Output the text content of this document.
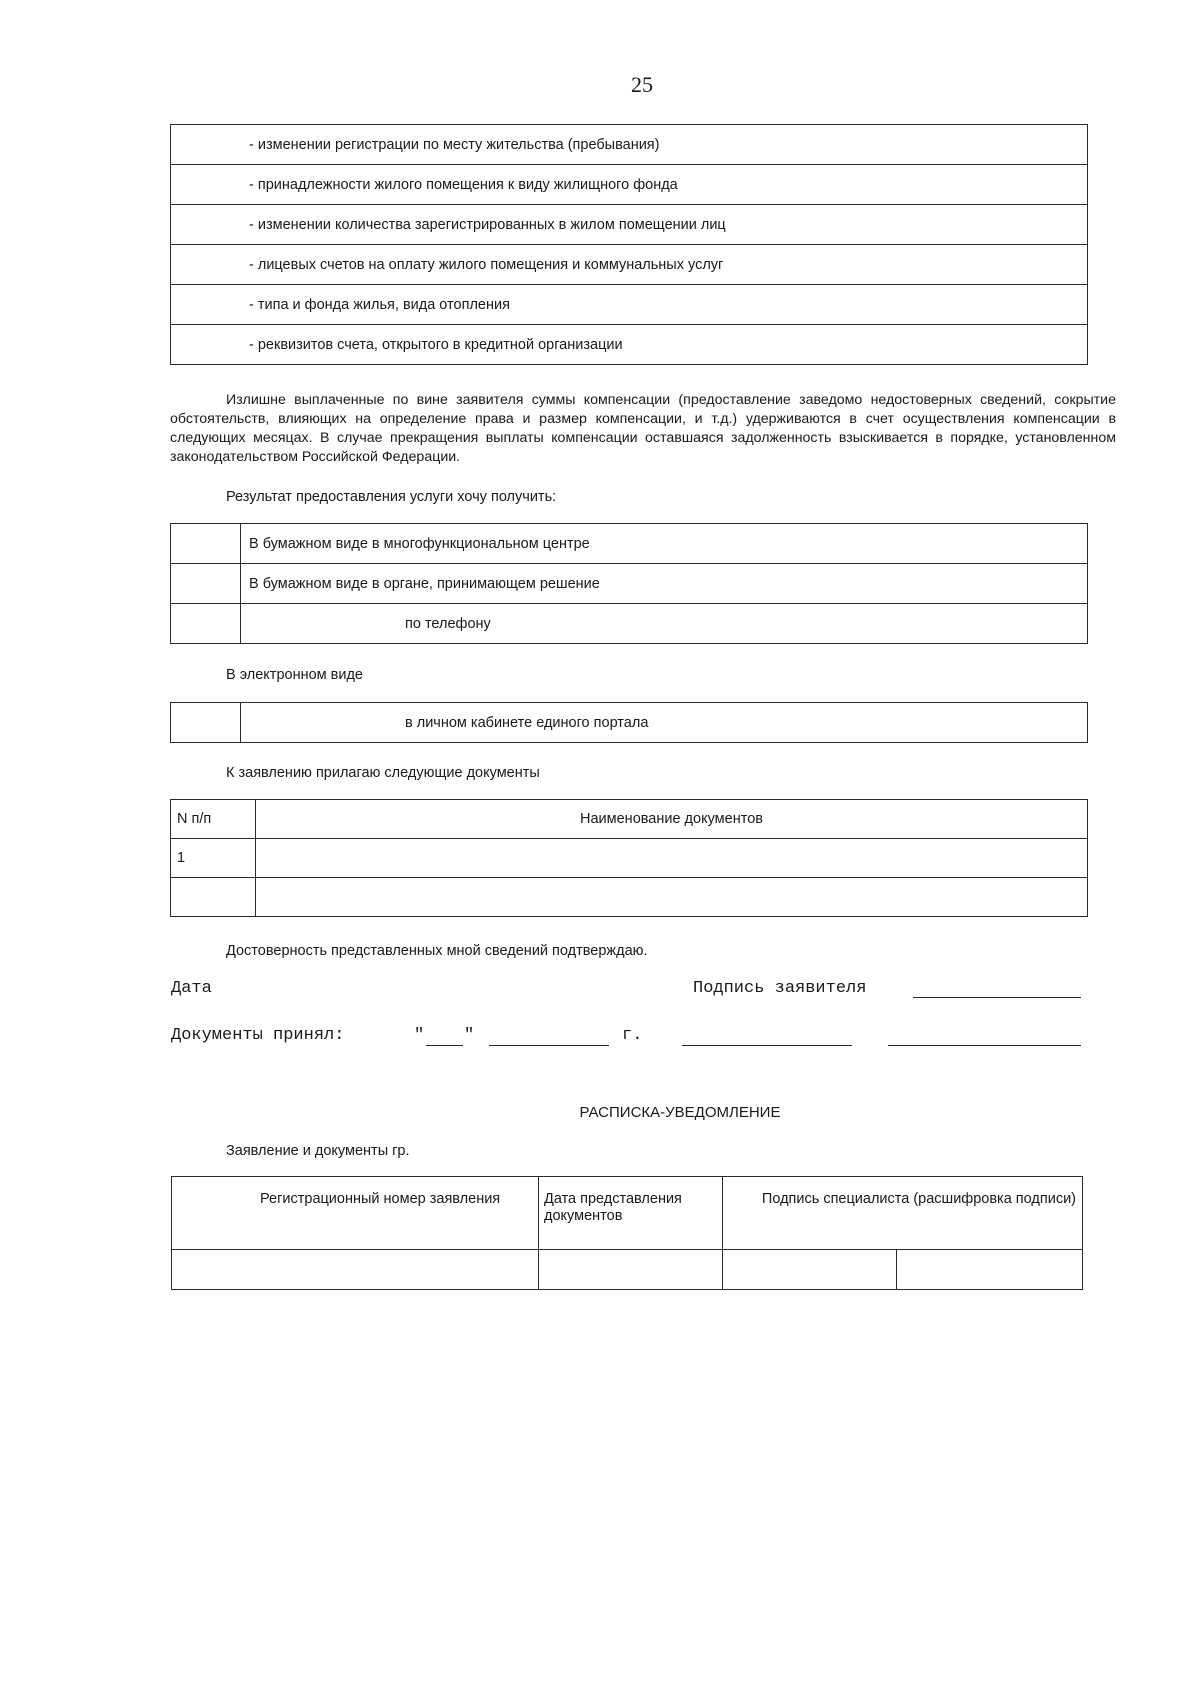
25
- изменении регистрации по месту жительства (пребывания)
- принадлежности жилого помещения к виду жилищного фонда
- изменении количества зарегистрированных в жилом помещении лиц
- лицевых счетов на оплату жилого помещения и коммунальных услуг
- типа и фонда жилья, вида отопления
- реквизитов счета, открытого в кредитной организации
Излишне выплаченные по вине заявителя суммы компенсации (предоставление заведомо недостоверных сведений, сокрытие обстоятельств, влияющих на определение права и размер компенсации, и т.д.) удерживаются в счет осуществления компенсации в следующих месяцах. В случае прекращения выплаты компенсации оставшаяся задолженность взыскивается в порядке, установленном законодательством Российской Федерации.
Результат предоставления услуги хочу получить:
	В бумажном виде в многофункциональном центре
	В бумажном виде в органе, принимающем решение
	по телефону
В электронном виде
	в личном кабинете единого портала
К заявлению прилагаю следующие документы
N п/п	Наименование документов
1	

Достоверность представленных мной сведений подтверждаю.
Дата	Подпись заявителя
Документы принял:	" "	г.
РАСПИСКА-УВЕДОМЛЕНИЕ
Заявление и документы гр.
Регистрационный номер заявления	Дата представления документов	Подпись специалиста (расшифровка подписи)	
